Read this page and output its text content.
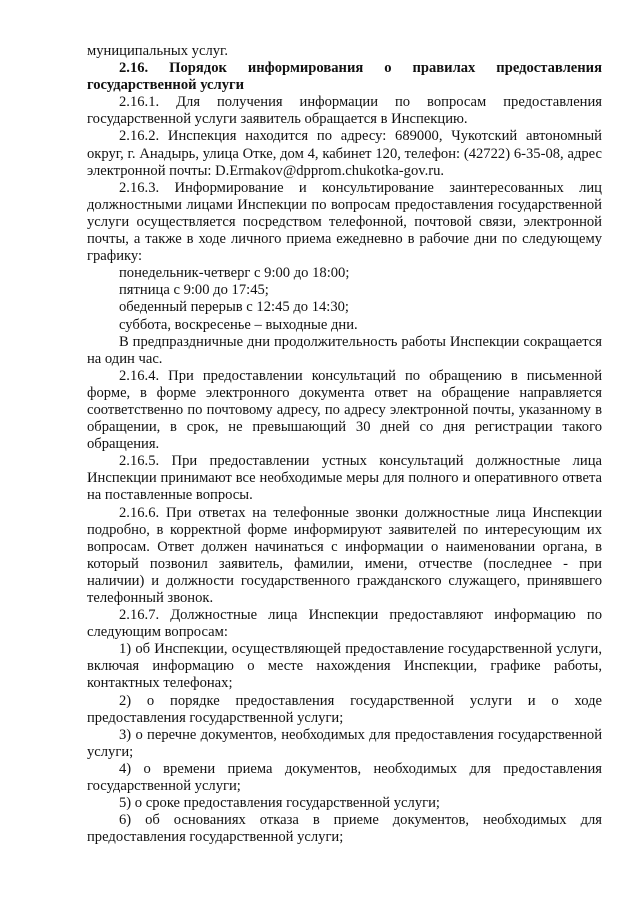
муниципальных услуг.

2.16. Порядок информирования о правилах предоставления государственной услуги

2.16.1. Для получения информации по вопросам предоставления государственной услуги заявитель обращается в Инспекцию.

2.16.2. Инспекция находится по адресу: 689000, Чукотский автономный округ, г. Анадырь, улица Отке, дом 4, кабинет 120, телефон: (42722) 6-35-08, адрес электронной почты: D.Ermakov@dpprom.chukotka-gov.ru.

2.16.3. Информирование и консультирование заинтересованных лиц должностными лицами Инспекции по вопросам предоставления государственной услуги осуществляется посредством телефонной, почтовой связи, электронной почты, а также в ходе личного приема ежедневно в рабочие дни по следующему графику:

понедельник-четверг с 9:00 до 18:00;

пятница с 9:00 до 17:45;

обеденный перерыв с 12:45 до 14:30;

суббота, воскресенье – выходные дни.

В предпраздничные дни продолжительность работы Инспекции сокращается на один час.

2.16.4. При предоставлении консультаций по обращению в письменной форме, в форме электронного документа ответ на обращение направляется соответственно по почтовому адресу, по адресу электронной почты, указанному в обращении, в срок, не превышающий 30 дней со дня регистрации такого обращения.

2.16.5. При предоставлении устных консультаций должностные лица Инспекции принимают все необходимые меры для полного и оперативного ответа на поставленные вопросы.

2.16.6. При ответах на телефонные звонки должностные лица Инспекции подробно, в корректной форме информируют заявителей по интересующим их вопросам. Ответ должен начинаться с информации о наименовании органа, в который позвонил заявитель, фамилии, имени, отчестве (последнее - при наличии) и должности государственного гражданского служащего, принявшего телефонный звонок.

2.16.7. Должностные лица Инспекции предоставляют информацию по следующим вопросам:

1) об Инспекции, осуществляющей предоставление государственной услуги, включая информацию о месте нахождения Инспекции, графике работы, контактных телефонах;

2) о порядке предоставления государственной услуги и о ходе предоставления государственной услуги;

3) о перечне документов, необходимых для предоставления государственной услуги;

4) о времени приема документов, необходимых для предоставления государственной услуги;

5) о сроке предоставления государственной услуги;

6) об основаниях отказа в приеме документов, необходимых для предоставления государственной услуги;
